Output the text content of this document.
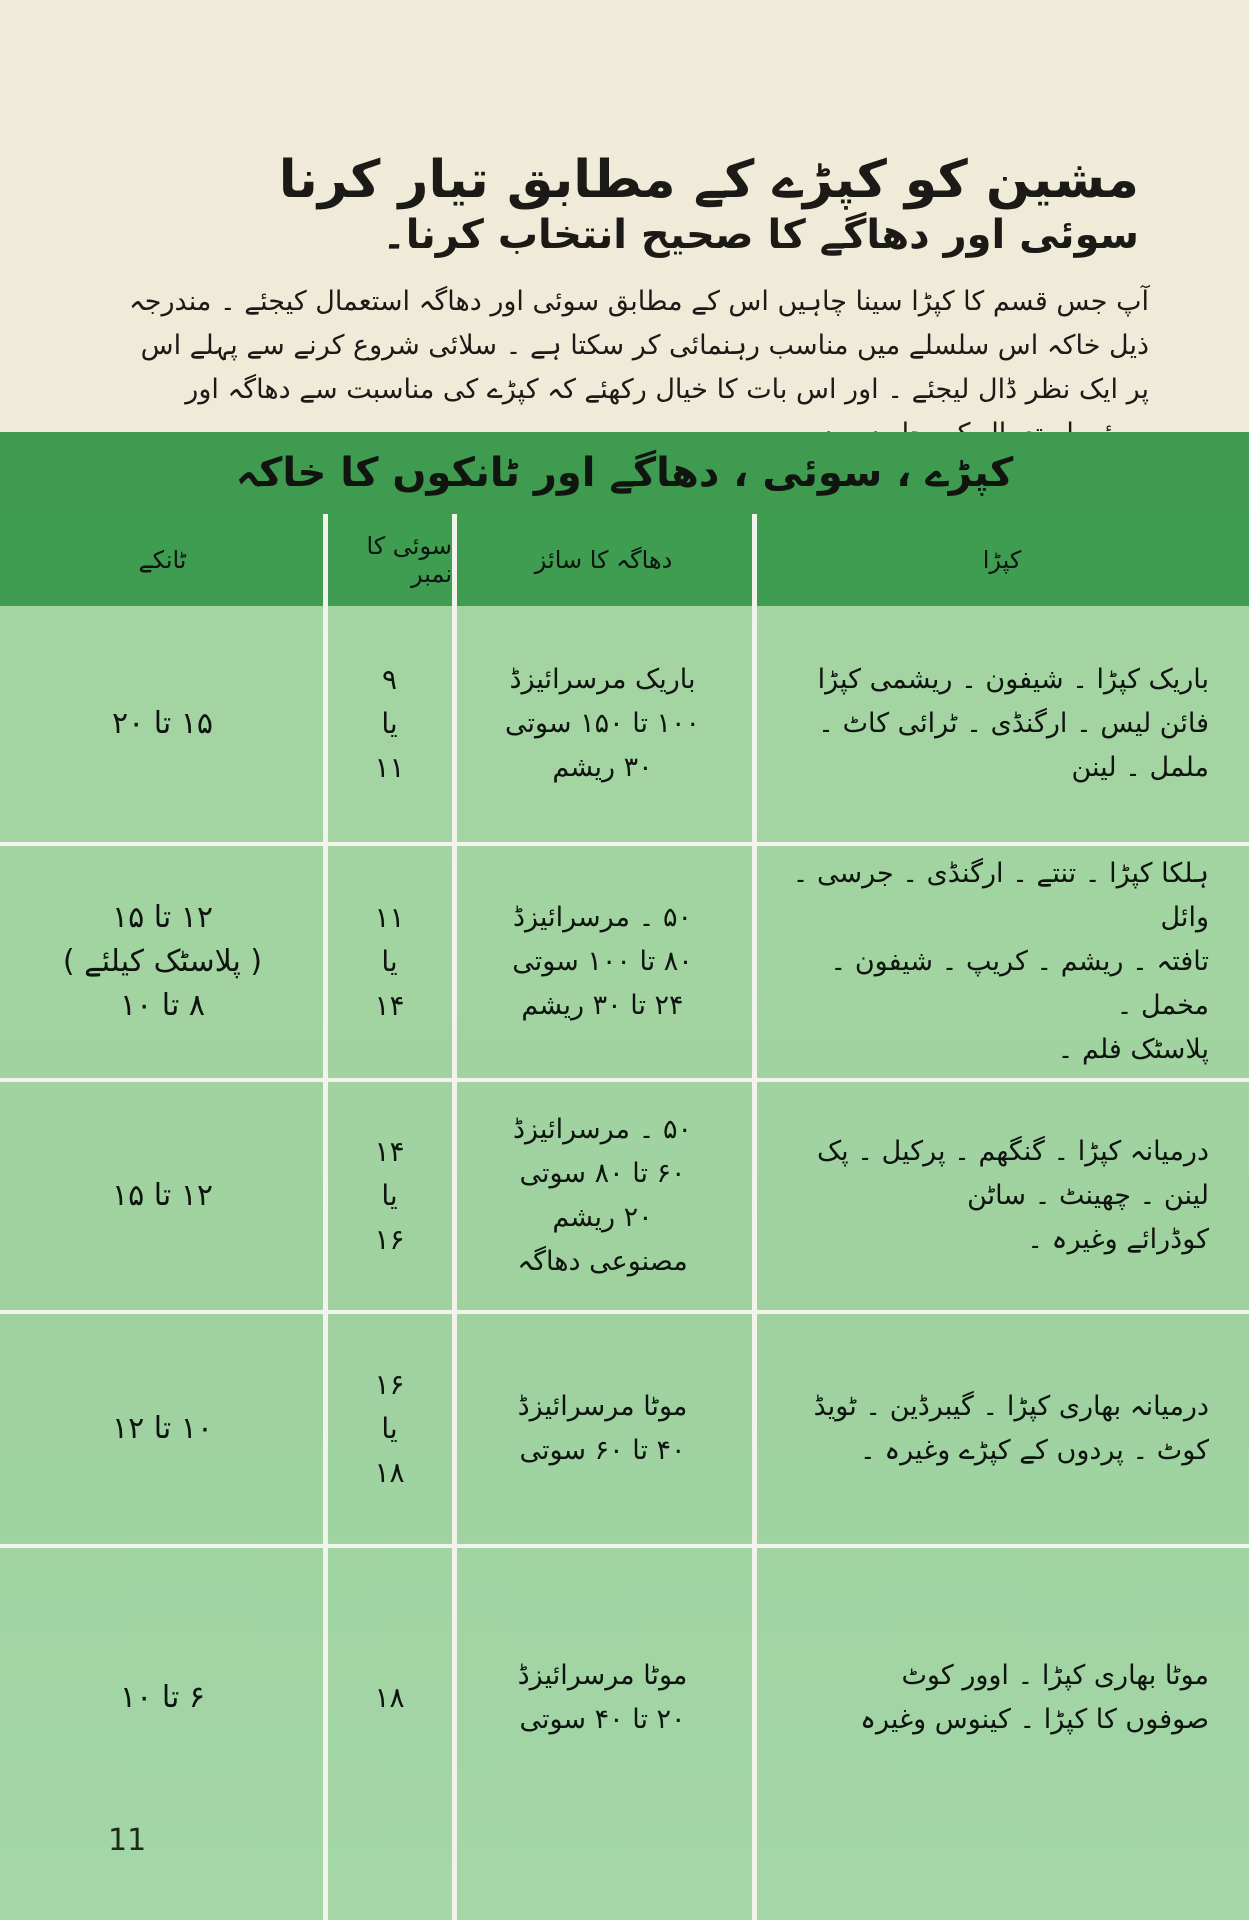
مشین کو کپڑے کے مطابق تیار کرنا
سوئی اور دھاگے کا صحیح انتخاب کرنا۔
آپ جس قسم کا کپڑا سینا چاہیں اس کے مطابق سوئی اور دھاگہ استعمال کیجئے ۔ مندرجہ ذیل خاکہ اس سلسلے میں مناسب رہنمائی کر سکتا ہے ۔ سلائی شروع کرنے سے پہلے اس پر ایک نظر ڈال لیجئے ۔ اور اس بات کا خیال رکھئے کہ کپڑے کی مناسبت سے دھاگہ اور
کپڑے ، سوئی ، دھاگے اور ٹانکوں کا خاکہ
کپڑا
دھاگہ کا سائز
سوئی کا نمبر
ٹانکے
باریک کپڑا ۔ شیفون ۔ ریشمی کپڑا
فائن لیس ۔ ارگنڈی ۔ ٹرائی کاٹ ۔ ململ ۔ لینن
باریک مرسرائیزڈ
۱۰۰ تا ۱۵۰ سوتی
۳۰ ریشم
۹
یا
۱۱
۱۵ تا ۲۰
ہلکا کپڑا ۔ تنتے ۔ ارگنڈی ۔ جرسی ۔ وائل
تافتہ ۔ ریشم ۔ کریپ ۔ شیفون ۔ مخمل ۔
پلاسٹک فلم ۔
۵۰ ۔ مرسرائیزڈ
۸۰ تا ۱۰۰ سوتی
۲۴ تا ۳۰ ریشم
۱۱
یا
۱۴
۱۲ تا ۱۵
( پلاسٹک کیلئے )
۸ تا ۱۰
درمیانہ کپڑا ۔ گنگھم ۔ پرکیل ۔ پک
لینن ۔ چھینٹ ۔ ساٹن
کوڈرائے وغیرہ ۔
۵۰ ۔ مرسرائیزڈ
۶۰ تا ۸۰ سوتی
۲۰ ریشم
مصنوعی دھاگہ
۱۴
یا
۱۶
۱۲ تا ۱۵
درمیانہ بھاری کپڑا ۔ گیبرڈین ۔ ٹویڈ
کوٹ ۔ پردوں کے کپڑے وغیرہ ۔
موٹا مرسرائیزڈ
۴۰ تا ۶۰ سوتی
۱۶
یا
۱۸
۱۰ تا ۱۲
موٹا بھاری کپڑا ۔ اوور کوٹ
صوفوں کا کپڑا ۔ کینوس وغیرہ
موٹا مرسرائیزڈ
۲۰ تا ۴۰ سوتی
۱۸
۶ تا ۱۰
11
